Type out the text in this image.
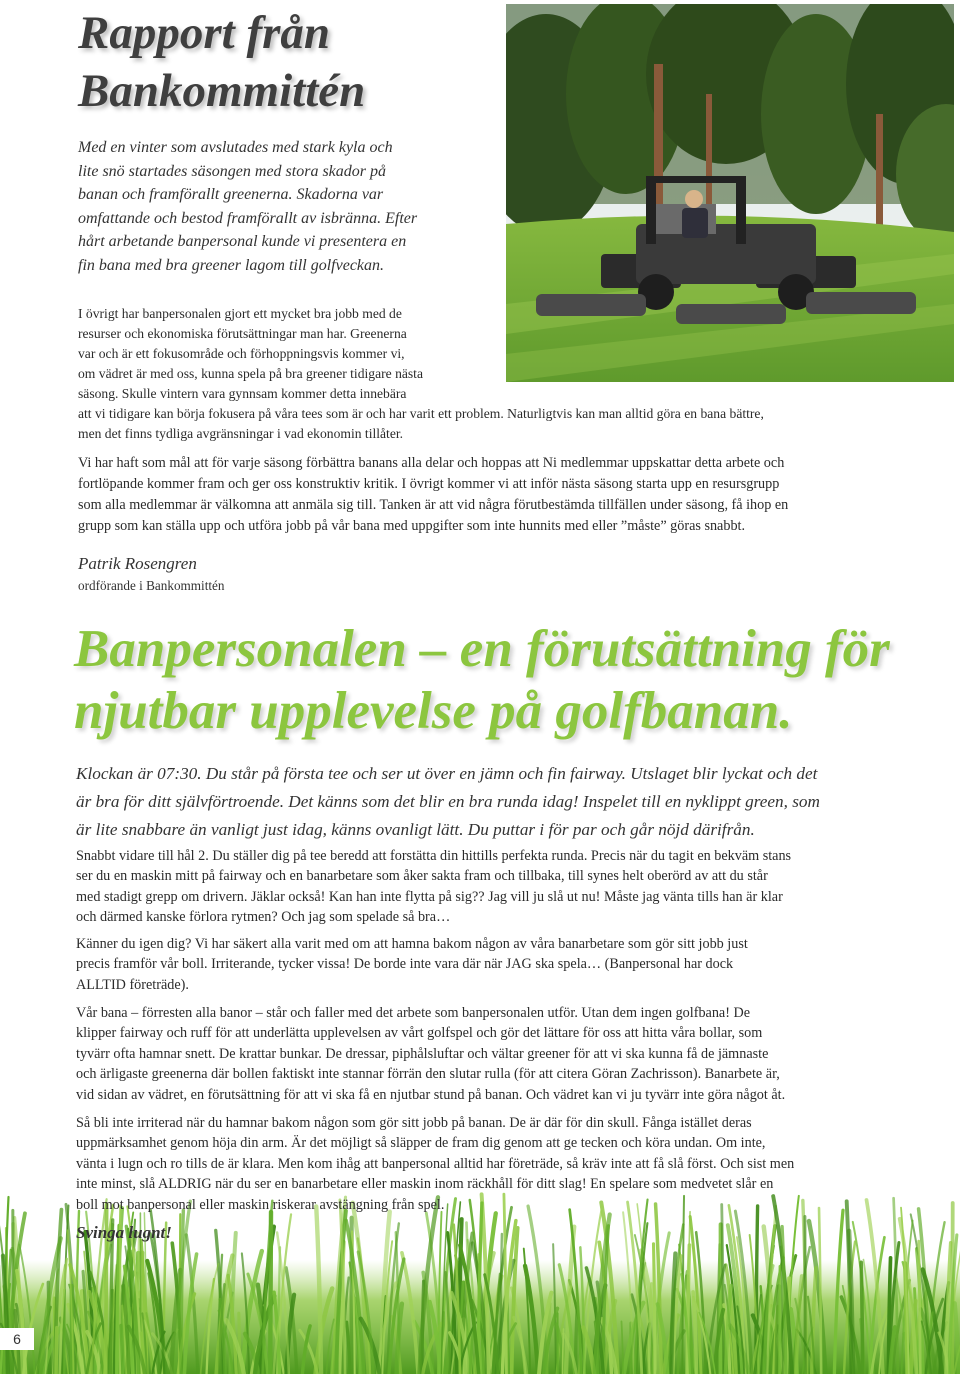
Rapport från
Bankommittén
Med en vinter som avslutades med stark kyla och
lite snö startades säsongen med stora skador på
banan och framförallt greenerna. Skadorna var
omfattande och bestod framförallt av isbränna. Efter
hårt arbetande banpersonal kunde vi presentera en
fin bana med bra greener lagom till golfveckan.
I övrigt har banpersonalen gjort ett mycket bra jobb med de
resurser och ekonomiska förutsättningar man har. Greenerna
var och är ett fokusområde och förhoppningsvis kommer vi,
om vädret är med oss, kunna spela på bra greener tidigare nästa
säsong. Skulle vintern vara gynnsam kommer detta innebära
att vi tidigare kan börja fokusera på våra tees som är och har varit ett problem. Naturligtvis kan man alltid göra en bana bättre,
men det finns tydliga avgränsningar i vad ekonomin tillåter.
Vi har haft som mål att för varje säsong förbättra banans alla delar och hoppas att Ni medlemmar uppskattar detta arbete och
fortlöpande kommer fram och ger oss konstruktiv kritik. I övrigt kommer vi att inför nästa säsong starta upp en resursgrupp
som alla medlemmar är välkomna att anmäla sig till. Tanken är att vid några förutbestämda tillfällen under säsong, få ihop en
grupp som kan ställa upp och utföra jobb på vår bana med uppgifter som inte hunnits med eller ”måste” göras snabbt.
Patrik Rosengren
ordförande i Bankommittén
Banpersonalen – en förutsättning för
njutbar upplevelse på golfbanan.
Klockan är 07:30. Du står på första tee och ser ut över en jämn och fin fairway. Utslaget blir lyckat och det
är bra för ditt självförtroende. Det känns som det blir en bra runda idag! Inspelet till en nyklippt green, som
är lite snabbare än vanligt just idag, känns ovanligt lätt. Du puttar i för par och går nöjd därifrån.
Snabbt vidare till hål 2. Du ställer dig på tee beredd att forstätta din hittills perfekta runda. Precis när du tagit en bekväm stans
ser du en maskin mitt på fairway och en banarbetare som åker sakta fram och tillbaka, till synes helt oberörd av att du står
med stadigt grepp om drivern. Jäklar också! Kan han inte flytta på sig?? Jag vill ju slå ut nu! Måste jag vänta tills han är klar
och därmed kanske förlora rytmen? Och jag som spelade så bra…
Känner du igen dig? Vi har säkert alla varit med om att hamna bakom någon av våra banarbetare som gör sitt jobb just
precis framför vår boll. Irriterande, tycker vissa! De borde inte vara där när JAG ska spela… (Banpersonal har dock
ALLTID företräde).
Vår bana – förresten alla banor – står och faller med det arbete som banpersonalen utför. Utan dem ingen golfbana! De
klipper fairway och ruff för att underlätta upplevelsen av vårt golfspel och gör det lättare för oss att hitta våra bollar, som
tyvärr ofta hamnar snett. De krattar bunkar. De dressar, piphålsluftar och vältar greener för att vi ska kunna få de jämnaste
och ärligaste greenerna där bollen faktiskt inte stannar förrän den slutar rulla (för att citera Göran Zachrisson). Banarbete är,
vid sidan av vädret, en förutsättning för att vi ska få en njutbar stund på banan. Och vädret kan vi ju tyvärr inte göra något åt.
Så bli inte irriterad när du hamnar bakom någon som gör sitt jobb på banan. De är där för din skull. Fånga istället deras
uppmärksamhet genom höja din arm. Är det möjligt så släpper de fram dig genom att ge tecken och köra undan. Om inte,
vänta i lugn och ro tills de är klara. Men kom ihåg att banpersonal alltid har företräde, så kräv inte att få slå först. Och sist men
inte minst, slå ALDRIG när du ser en banarbetare eller maskin inom räckhåll för ditt slag! En spelare som medvetet slår en
boll mot banpersonal eller maskin riskerar avstängning från spel.
Svinga lugnt!
6
